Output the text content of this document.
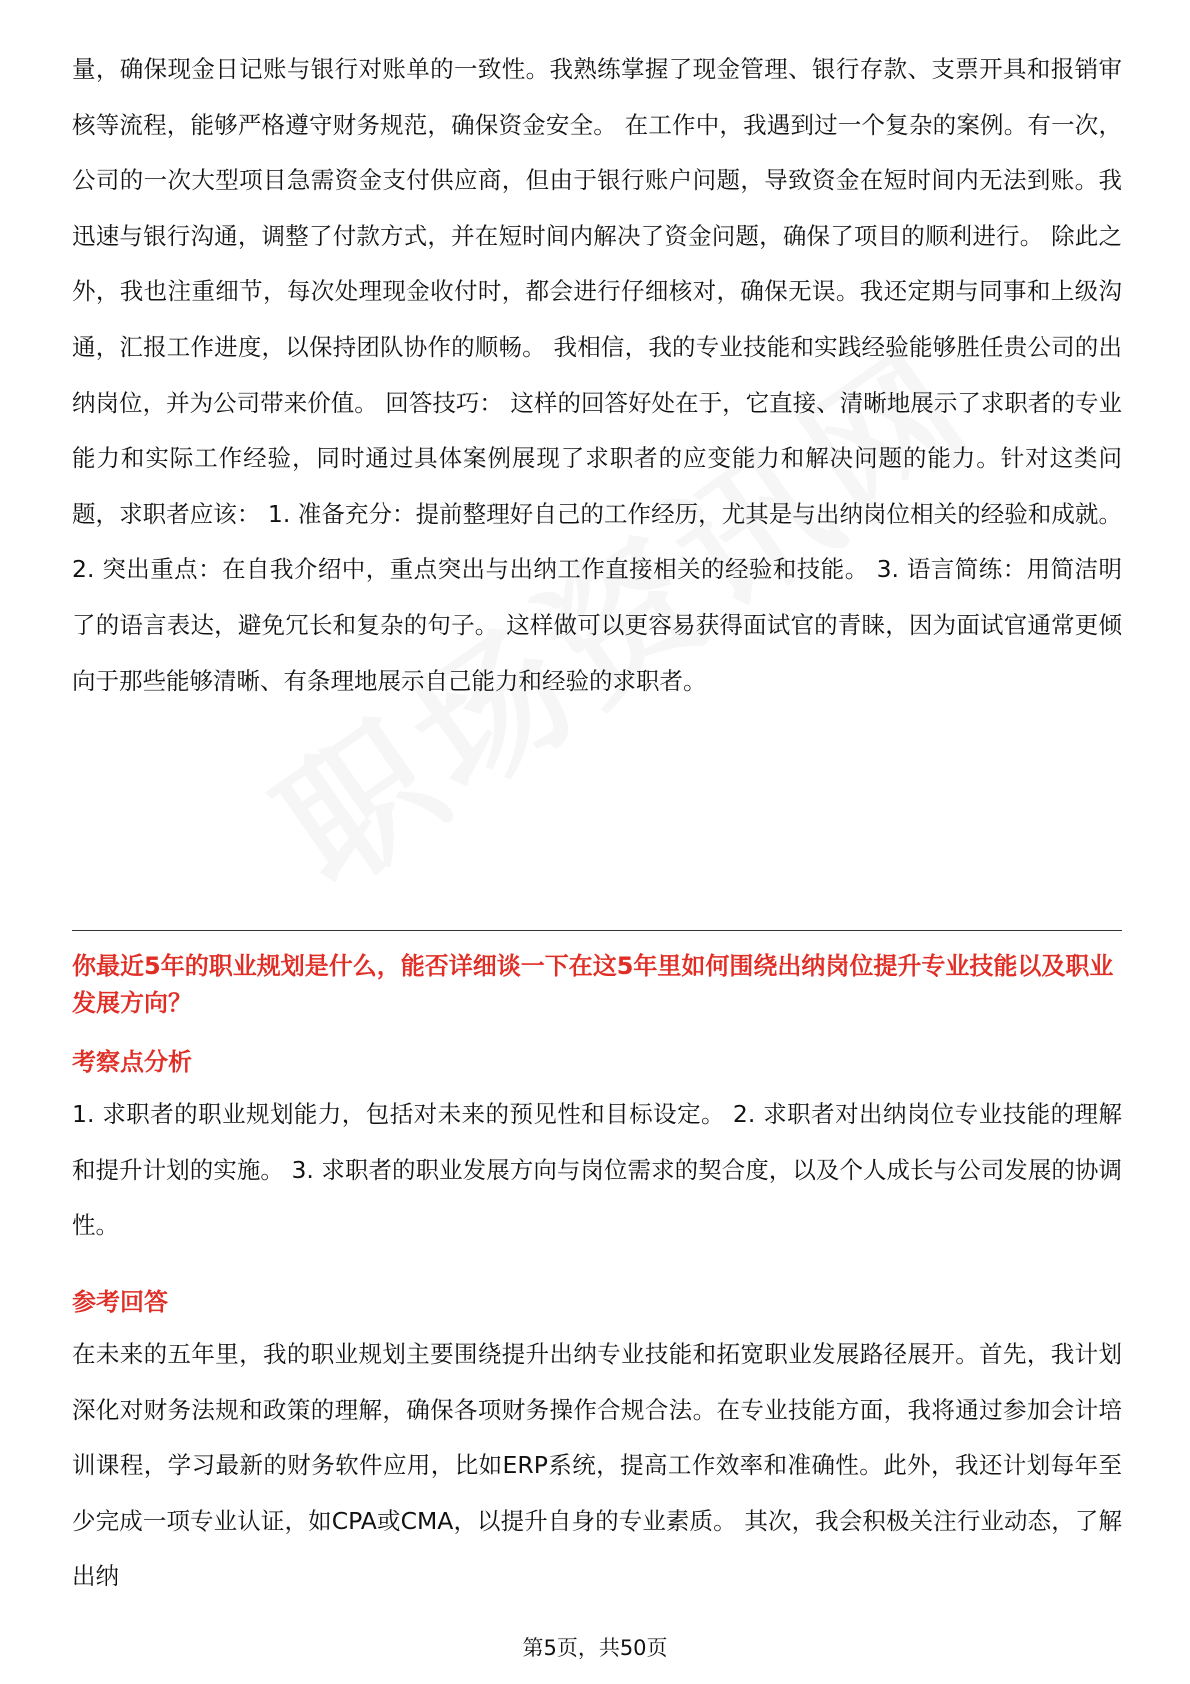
量，确保现金日记账与银行对账单的一致性。我熟练掌握了现金管理、银行存款、支票开具和报销审核等流程，能够严格遵守财务规范，确保资金安全。 在工作中，我遇到过一个复杂的案例。有一次，公司的一次大型项目急需资金支付供应商，但由于银行账户问题，导致资金在短时间内无法到账。我迅速与银行沟通，调整了付款方式，并在短时间内解决了资金问题，确保了项目的顺利进行。 除此之外，我也注重细节，每次处理现金收付时，都会进行仔细核对，确保无误。我还定期与同事和上级沟通，汇报工作进度，以保持团队协作的顺畅。 我相信，我的专业技能和实践经验能够胜任贵公司的出纳岗位，并为公司带来价值。 回答技巧： 这样的回答好处在于，它直接、清晰地展示了求职者的专业能力和实际工作经验，同时通过具体案例展现了求职者的应变能力和解决问题的能力。针对这类问题，求职者应该： 1. 准备充分：提前整理好自己的工作经历，尤其是与出纳岗位相关的经验和成就。 2. 突出重点：在自我介绍中，重点突出与出纳工作直接相关的经验和技能。 3. 语言简练：用简洁明了的语言表达，避免冗长和复杂的句子。 这样做可以更容易获得面试官的青睐，因为面试官通常更倾向于那些能够清晰、有条理地展示自己能力和经验的求职者。

你最近5年的职业规划是什么，能否详细谈一下在这5年里如何围绕出纳岗位提升专业技能以及职业发展方向？
考察点分析

1. 求职者的职业规划能力，包括对未来的预见性和目标设定。 2. 求职者对出纳岗位专业技能的理解和提升计划的实施。 3. 求职者的职业发展方向与岗位需求的契合度，以及个人成长与公司发展的协调性。

参考回答

在未来的五年里，我的职业规划主要围绕提升出纳专业技能和拓宽职业发展路径展开。首先，我计划深化对财务法规和政策的理解，确保各项财务操作合规合法。在专业技能方面，我将通过参加会计培训课程，学习最新的财务软件应用，比如ERP系统，提高工作效率和准确性。此外，我还计划每年至少完成一项专业认证，如CPA或CMA，以提升自身的专业素质。 其次，我会积极关注行业动态，了解出纳

第5页，共50页
